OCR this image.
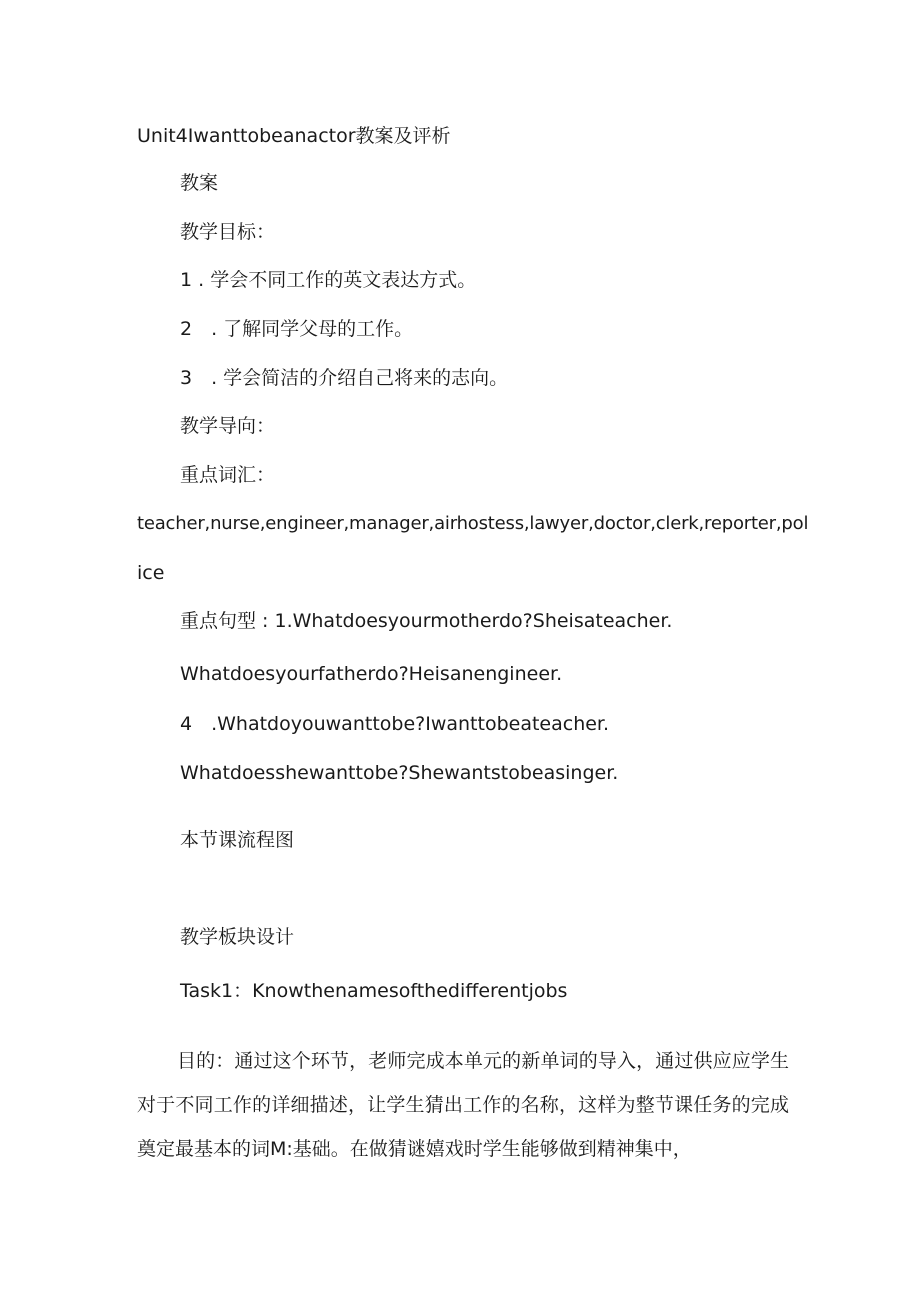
Unit4Iwanttobeanactor教案及评析
教案
教学目标：
1 . 学会不同工作的英文表达方式。
2　. 了解同学父母的工作。
3　. 学会简洁的介绍自己将来的志向。
教学导向：
重点词汇：
teacher,nurse,engineer,manager,airhostess,lawyer,doctor,clerk,reporter,pol
ice
重点句型 : 1.Whatdoesyourmotherdo?Sheisateacher.
Whatdoesyourfatherdo?Heisanengineer.
4　.Whatdoyouwanttobe?Iwanttobeateacher.
Whatdoesshewanttobe?Shewantstobeasinger.
本节课流程图
教学板块设计
Task1：Knowthenamesofthedifferentjobs
目的：通过这个环节，老师完成本单元的新单词的导入，通过供应应学生对于不同工作的详细描述，让学生猜出工作的名称，这样为整节课任务的完成奠定最基本的词M:基础。在做猜谜嬉戏时学生能够做到精神集中，
